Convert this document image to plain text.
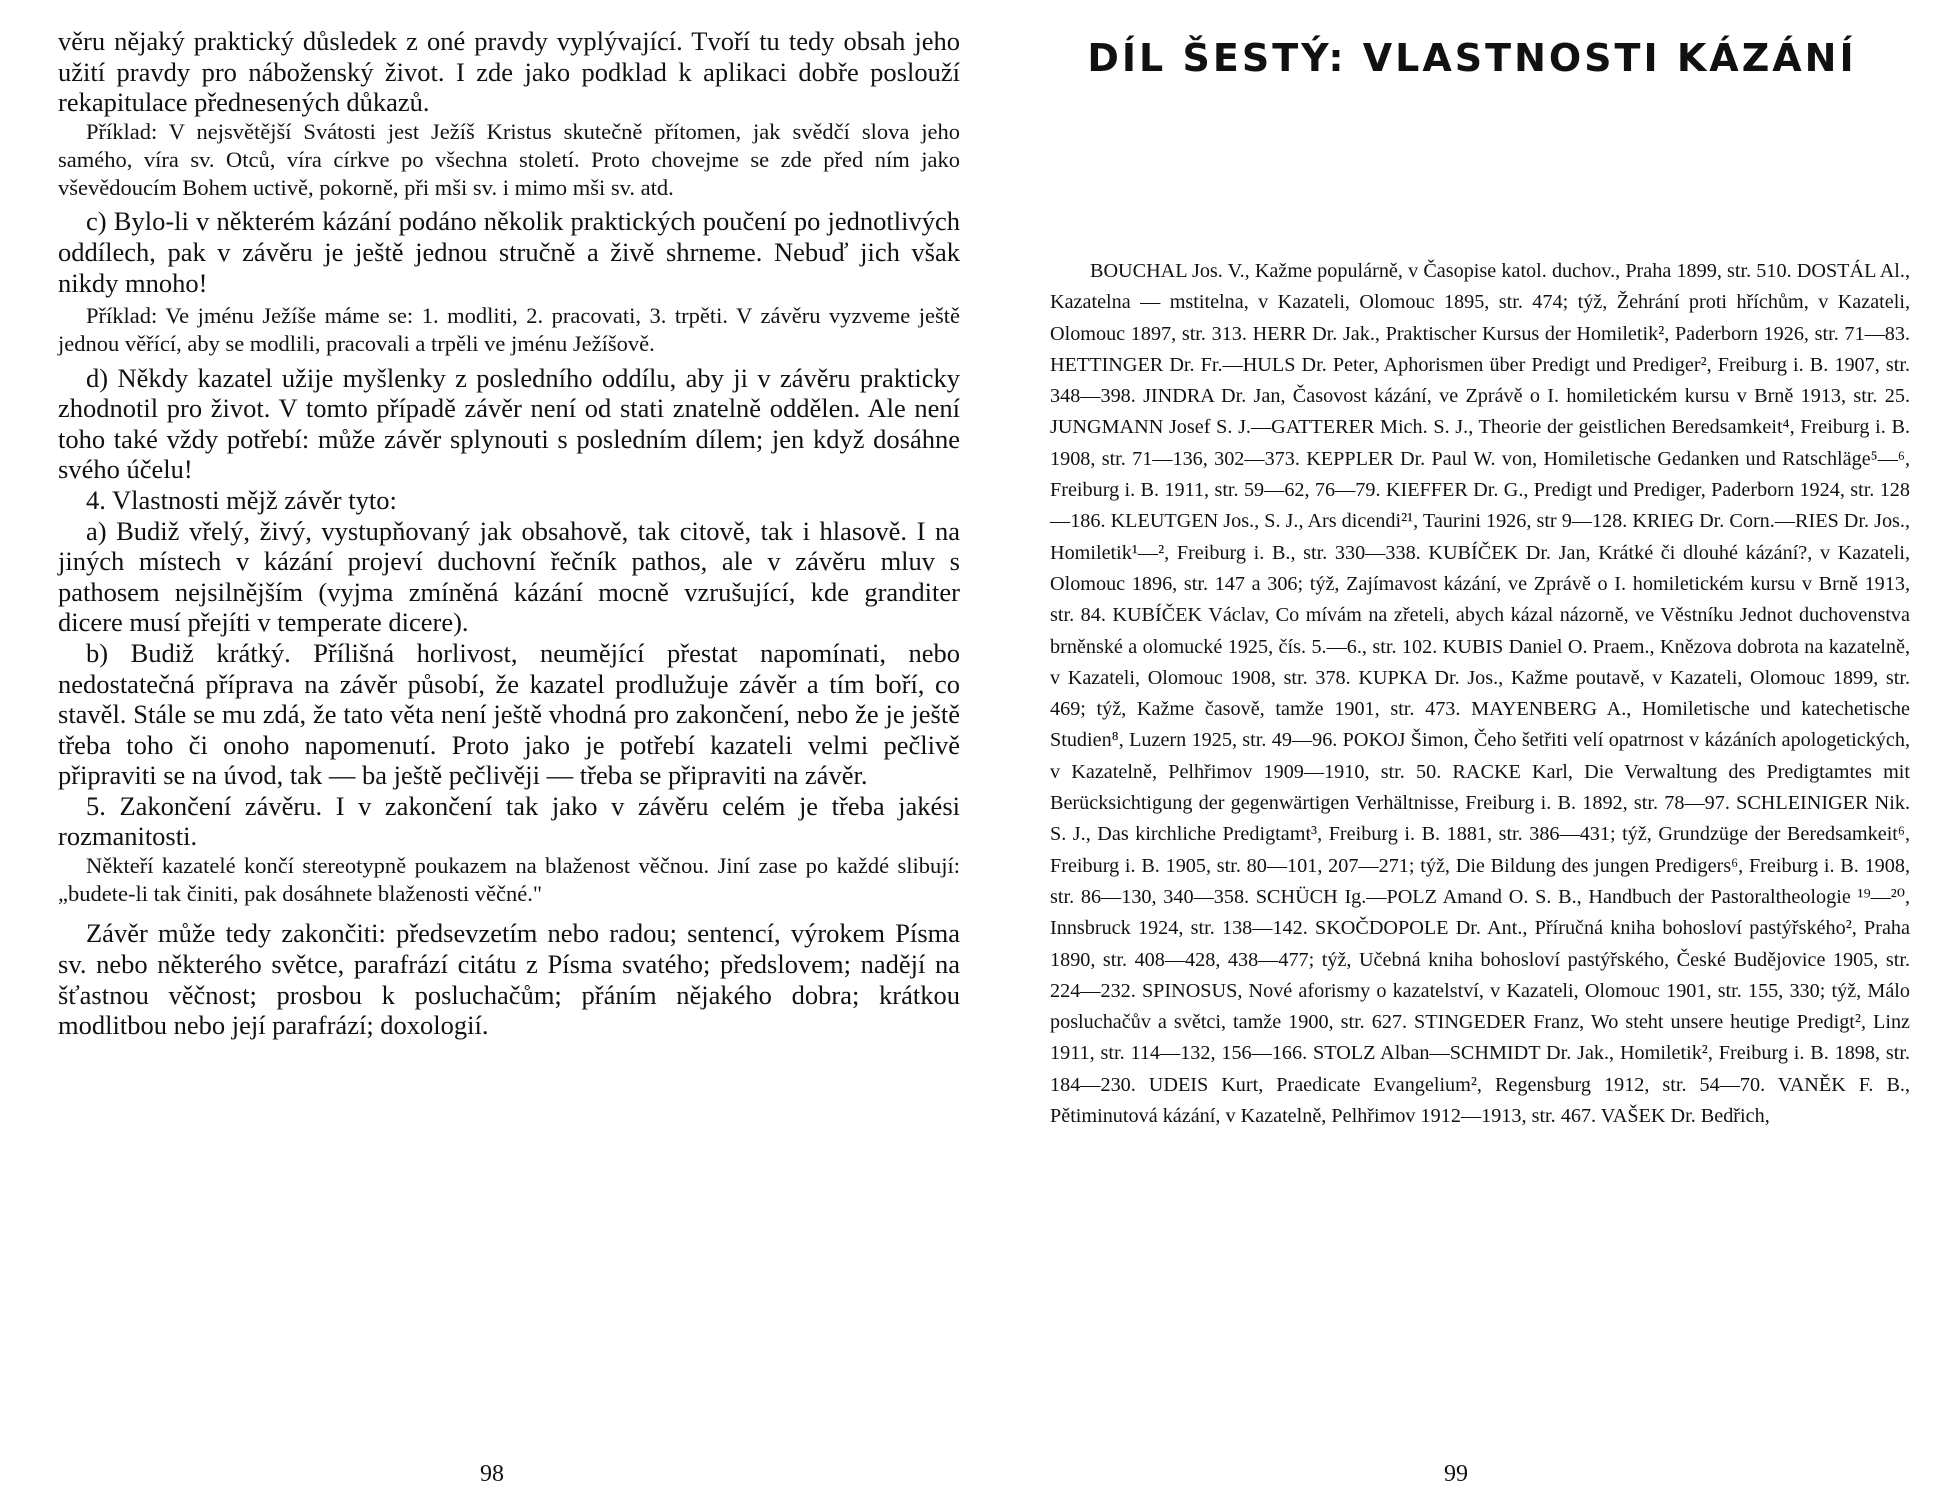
věru nějaký praktický důsledek z oné pravdy vyplývající. Tvoří tu tedy obsah jeho užití pravdy pro náboženský život. I zde jako podklad k aplikaci dobře poslouží rekapitulace přednesených důkazů.

Příklad: V nejsvětější Svátosti jest Ježíš Kristus skutečně přítomen, jak svědčí slova jeho samého, víra sv. Otců, víra církve po všechna století. Proto chovejme se zde před ním jako vševědoucím Bohem uctivě, pokorně, při mši sv. i mimo mši sv. atd.

c) Bylo-li v některém kázání podáno několik praktických poučení po jednotlivých oddílech, pak v závěru je ještě jednou stručně a živě shrneme. Nebuď jich však nikdy mnoho!

Příklad: Ve jménu Ježíše máme se: 1. modliti, 2. pracovati, 3. trpěti. V závěru vyzveme ještě jednou věřící, aby se modlili, pracovali a trpěli ve jménu Ježíšově.

d) Někdy kazatel užije myšlenky z posledního oddílu, aby ji v závěru prakticky zhodnotil pro život. V tomto případě závěr není od stati znatelně oddělen. Ale není toho také vždy potřebí: může závěr splynouti s posledním dílem; jen když dosáhne svého účelu!

4. Vlastnosti mějž závěr tyto:

a) Budiž vřelý, živý, vystupňovaný jak obsahově, tak citově, tak i hlasově. I na jiných místech v kázání projeví duchovní řečník pathos, ale v závěru mluv s pathosem nejsilnějším (vyjma zmíněná kázání mocně vzrušující, kde granditer dicere musí přejíti v temperate dicere).

b) Budiž krátký. Přílišná horlivost, neumějící přestat napomínati, nebo nedostatečná příprava na závěr působí, že kazatel prodlužuje závěr a tím boří, co stavěl. Stále se mu zdá, že tato věta není ještě vhodná pro zakončení, nebo že je ještě třeba toho či onoho napomenutí. Proto jako je potřebí kazateli velmi pečlivě připraviti se na úvod, tak — ba ještě pečlivěji — třeba se připraviti na závěr.

5. Zakončení závěru. I v zakončení tak jako v závěru celém je třeba jakési rozmanitosti.

Někteří kazatelé končí stereotypně poukazem na blaženost věčnou. Jiní zase po každé slibují: „budete-li tak činiti, pak dosáhnete blaženosti věčné."

Závěr může tedy zakončiti: předsevzetím nebo radou; sentencí, výrokem Písma sv. nebo některého světce, parafrází citátu z Písma svatého; předslovem; nadějí na šťastnou věčnost; prosbou k posluchačům; přáním nějakého dobra; krátkou modlitbou nebo její parafrází; doxologií.

98
DÍL ŠESTÝ: VLASTNOSTI KÁZÁNÍ

BOUCHAL Jos. V., Kažme populárně, v Časopise katol. duchov., Praha 1899, str. 510. DOSTÁL Al., Kazatelna — mstitelna, v Kazateli, Olomouc 1895, str. 474; týž, Žehrání proti hříchům, v Kazateli, Olomouc 1897, str. 313. HERR Dr. Jak., Praktischer Kursus der Homiletik², Paderborn 1926, str. 71—83. HETTINGER Dr. Fr.—HULS Dr. Peter, Aphorismen über Predigt und Prediger², Freiburg i. B. 1907, str. 348—398. JINDRA Dr. Jan, Časovost kázání, ve Zprávě o I. homiletickém kursu v Brně 1913, str. 25. JUNGMANN Josef S. J.—GATTERER Mich. S. J., Theorie der geistlichen Beredsamkeit⁴, Freiburg i. B. 1908, str. 71—136, 302—373. KEPPLER Dr. Paul W. von, Homiletische Gedanken und Ratschläge⁵—⁶, Freiburg i. B. 1911, str. 59—62, 76—79. KIEFFER Dr. G., Predigt und Prediger, Paderborn 1924, str. 128—186. KLEUTGEN Jos., S. J., Ars dicendi²¹, Taurini 1926, str 9—128. KRIEG Dr. Corn.—RIES Dr. Jos., Homiletik¹—², Freiburg i. B., str. 330—338. KUBÍČEK Dr. Jan, Krátké či dlouhé kázání?, v Kazateli, Olomouc 1896, str. 147 a 306; týž, Zajímavost kázání, ve Zprávě o I. homiletickém kursu v Brně 1913, str. 84. KUBÍČEK Václav, Co mívám na zřeteli, abych kázal názorně, ve Věstníku Jednot duchovenstva brněnské a olomucké 1925, čís. 5.—6., str. 102. KUBIS Daniel O. Praem., Knězova dobrota na kazatelně, v Kazateli, Olomouc 1908, str. 378. KUPKA Dr. Jos., Kažme poutavě, v Kazateli, Olomouc 1899, str. 469; týž, Kažme časově, tamže 1901, str. 473. MAYENBERG A., Homiletische und katechetische Studien⁸, Luzern 1925, str. 49—96. POKOJ Šimon, Čeho šetřiti velí opatrnost v kázáních apologetických, v Kazatelně, Pelhřimov 1909—1910, str. 50. RACKE Karl, Die Verwaltung des Predigtamtes mit Berücksichtigung der gegenwärtigen Verhältnisse, Freiburg i. B. 1892, str. 78—97. SCHLEINIGER Nik. S. J., Das kirchliche Predigtamt³, Freiburg i. B. 1881, str. 386—431; týž, Grundzüge der Beredsamkeit⁶, Freiburg i. B. 1905, str. 80—101, 207—271; týž, Die Bildung des jungen Predigers⁶, Freiburg i. B. 1908, str. 86—130, 340—358. SCHÜCH Ig.—POLZ Amand O. S. B., Handbuch der Pastoraltheologie ¹⁹—²⁰, Innsbruck 1924, str. 138—142. SKOČDOPOLE Dr. Ant., Příručná kniha bohosloví pastýřského², Praha 1890, str. 408—428, 438—477; týž, Učebná kniha bohosloví pastýřského, České Budějovice 1905, str. 224—232. SPINOSUS, Nové aforismy o kazatelství, v Kazateli, Olomouc 1901, str. 155, 330; týž, Málo posluchačův a světci, tamže 1900, str. 627. STINGEDER Franz, Wo steht unsere heutige Predigt², Linz 1911, str. 114—132, 156—166. STOLZ Alban—SCHMIDT Dr. Jak., Homiletik², Freiburg i. B. 1898, str. 184—230. UDEIS Kurt, Praedicate Evangelium², Regensburg 1912, str. 54—70. VANĚK F. B., Pětiminutová kázání, v Kazatelně, Pelhřimov 1912—1913, str. 467. VAŠEK Dr. Bedřich,

99
